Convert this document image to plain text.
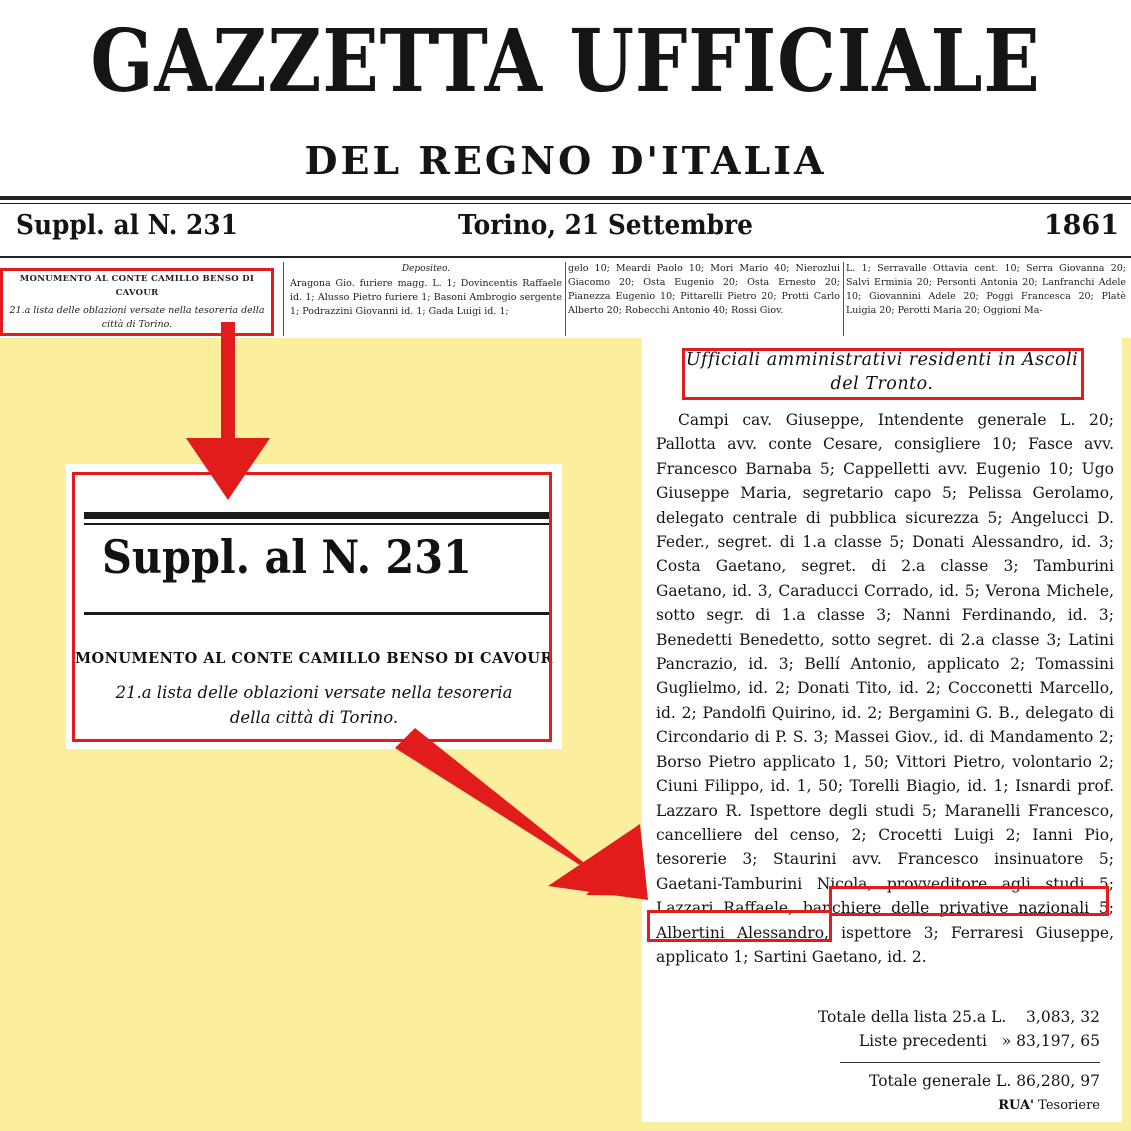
GAZZETTA UFFICIALE
DEL REGNO D'ITALIA
Suppl. al N. 231	Torino, 21 Settembre	1861
MONUMENTO AL CONTE CAMILLO BENSO DI CAVOUR
21.a lista delle oblazioni versate nella tesoreria della città di Torino.
Depositeo.
Aragona Gio. furiere magg. L. 1; Dovincentis Raffaele id. 1; Alusso Pietro furiere 1; Basoni Ambrogio sergente 1; Podrazzini Giovanni id. 1; Gada Luigi id. 1;
gelo 10; Meardi Paolo 10; Mori Mario 40; Nierozlui Giacomo 20; Osta Eugenio 20; Osta Ernesto 20; Pianezza Eugenio 10; Pittarelli Pietro 20; Protti Carlo Alberto 20; Robecchi Antonio 40; Rossi Giov.
L. 1; Serravalle Ottavia cent. 10; Serra Giovanna 20; Salvi Erminia 20; Personti Antonia 20; Lanfranchi Adele 10; Giovannini Adele 20; Poggi Francesca 20; Platè Luigia 20; Perotti Maria 20; Oggioni Ma-
Suppl. al N. 231
MONUMENTO AL CONTE CAMILLO BENSO DI CAVOUR
21.a lista delle oblazioni versate nella tesoreria
della città di Torino.
Ufficiali amministrativi residenti in Ascoli
del Tronto.
Campi cav. Giuseppe, Intendente generale L. 20; Pallotta avv. conte Cesare, consigliere 10; Fasce avv. Francesco Barnaba 5; Cappelletti avv. Eugenio 10; Ugo Giuseppe Maria, segretario capo 5; Pelissa Gerolamo, delegato centrale di pubblica sicurezza 5; Angelucci D. Feder., segret. di 1.a classe 5; Donati Alessandro, id. 3; Costa Gaetano, segret. di 2.a classe 3; Tamburini Gaetano, id. 3, Caraducci Corrado, id. 5; Verona Michele, sotto segr. di 1.a classe 3; Nanni Ferdinando, id. 3; Benedetti Benedetto, sotto segret. di 2.a classe 3; Latini Pancrazio, id. 3; Bellí Antonio, applicato 2; Tomassini Guglielmo, id. 2; Donati Tito, id. 2; Cocconetti Marcello, id. 2; Pandolfi Quirino, id. 2; Bergamini G. B., delegato di Circondario di P. S. 3; Massei Giov., id. di Mandamento 2; Borso Pietro applicato 1, 50; Vittori Pietro, volontario 2; Ciuni Filippo, id. 1, 50; Torelli Biagio, id. 1; Isnardi prof. Lazzaro R. Ispettore degli studi 5; Maranelli Francesco, cancelliere del censo, 2; Crocetti Luigi 2; Ianni Pio, tesorerie 3; Staurini avv. Francesco insinuatore 5; Gaetani-Tamburini Nicola, provveditore agli studi 5; Lazzari Raffaele, banchiere delle privative nazionali 5; Albertini Alessandro, ispettore 3; Ferraresi Giuseppe, applicato 1; Sartini Gaetano, id. 2.
Totale della lista 25.a L. 3,083, 32
Liste precedenti » 83,197, 65
Totale generale L. 86,280, 97
RUA' Tesoriere
